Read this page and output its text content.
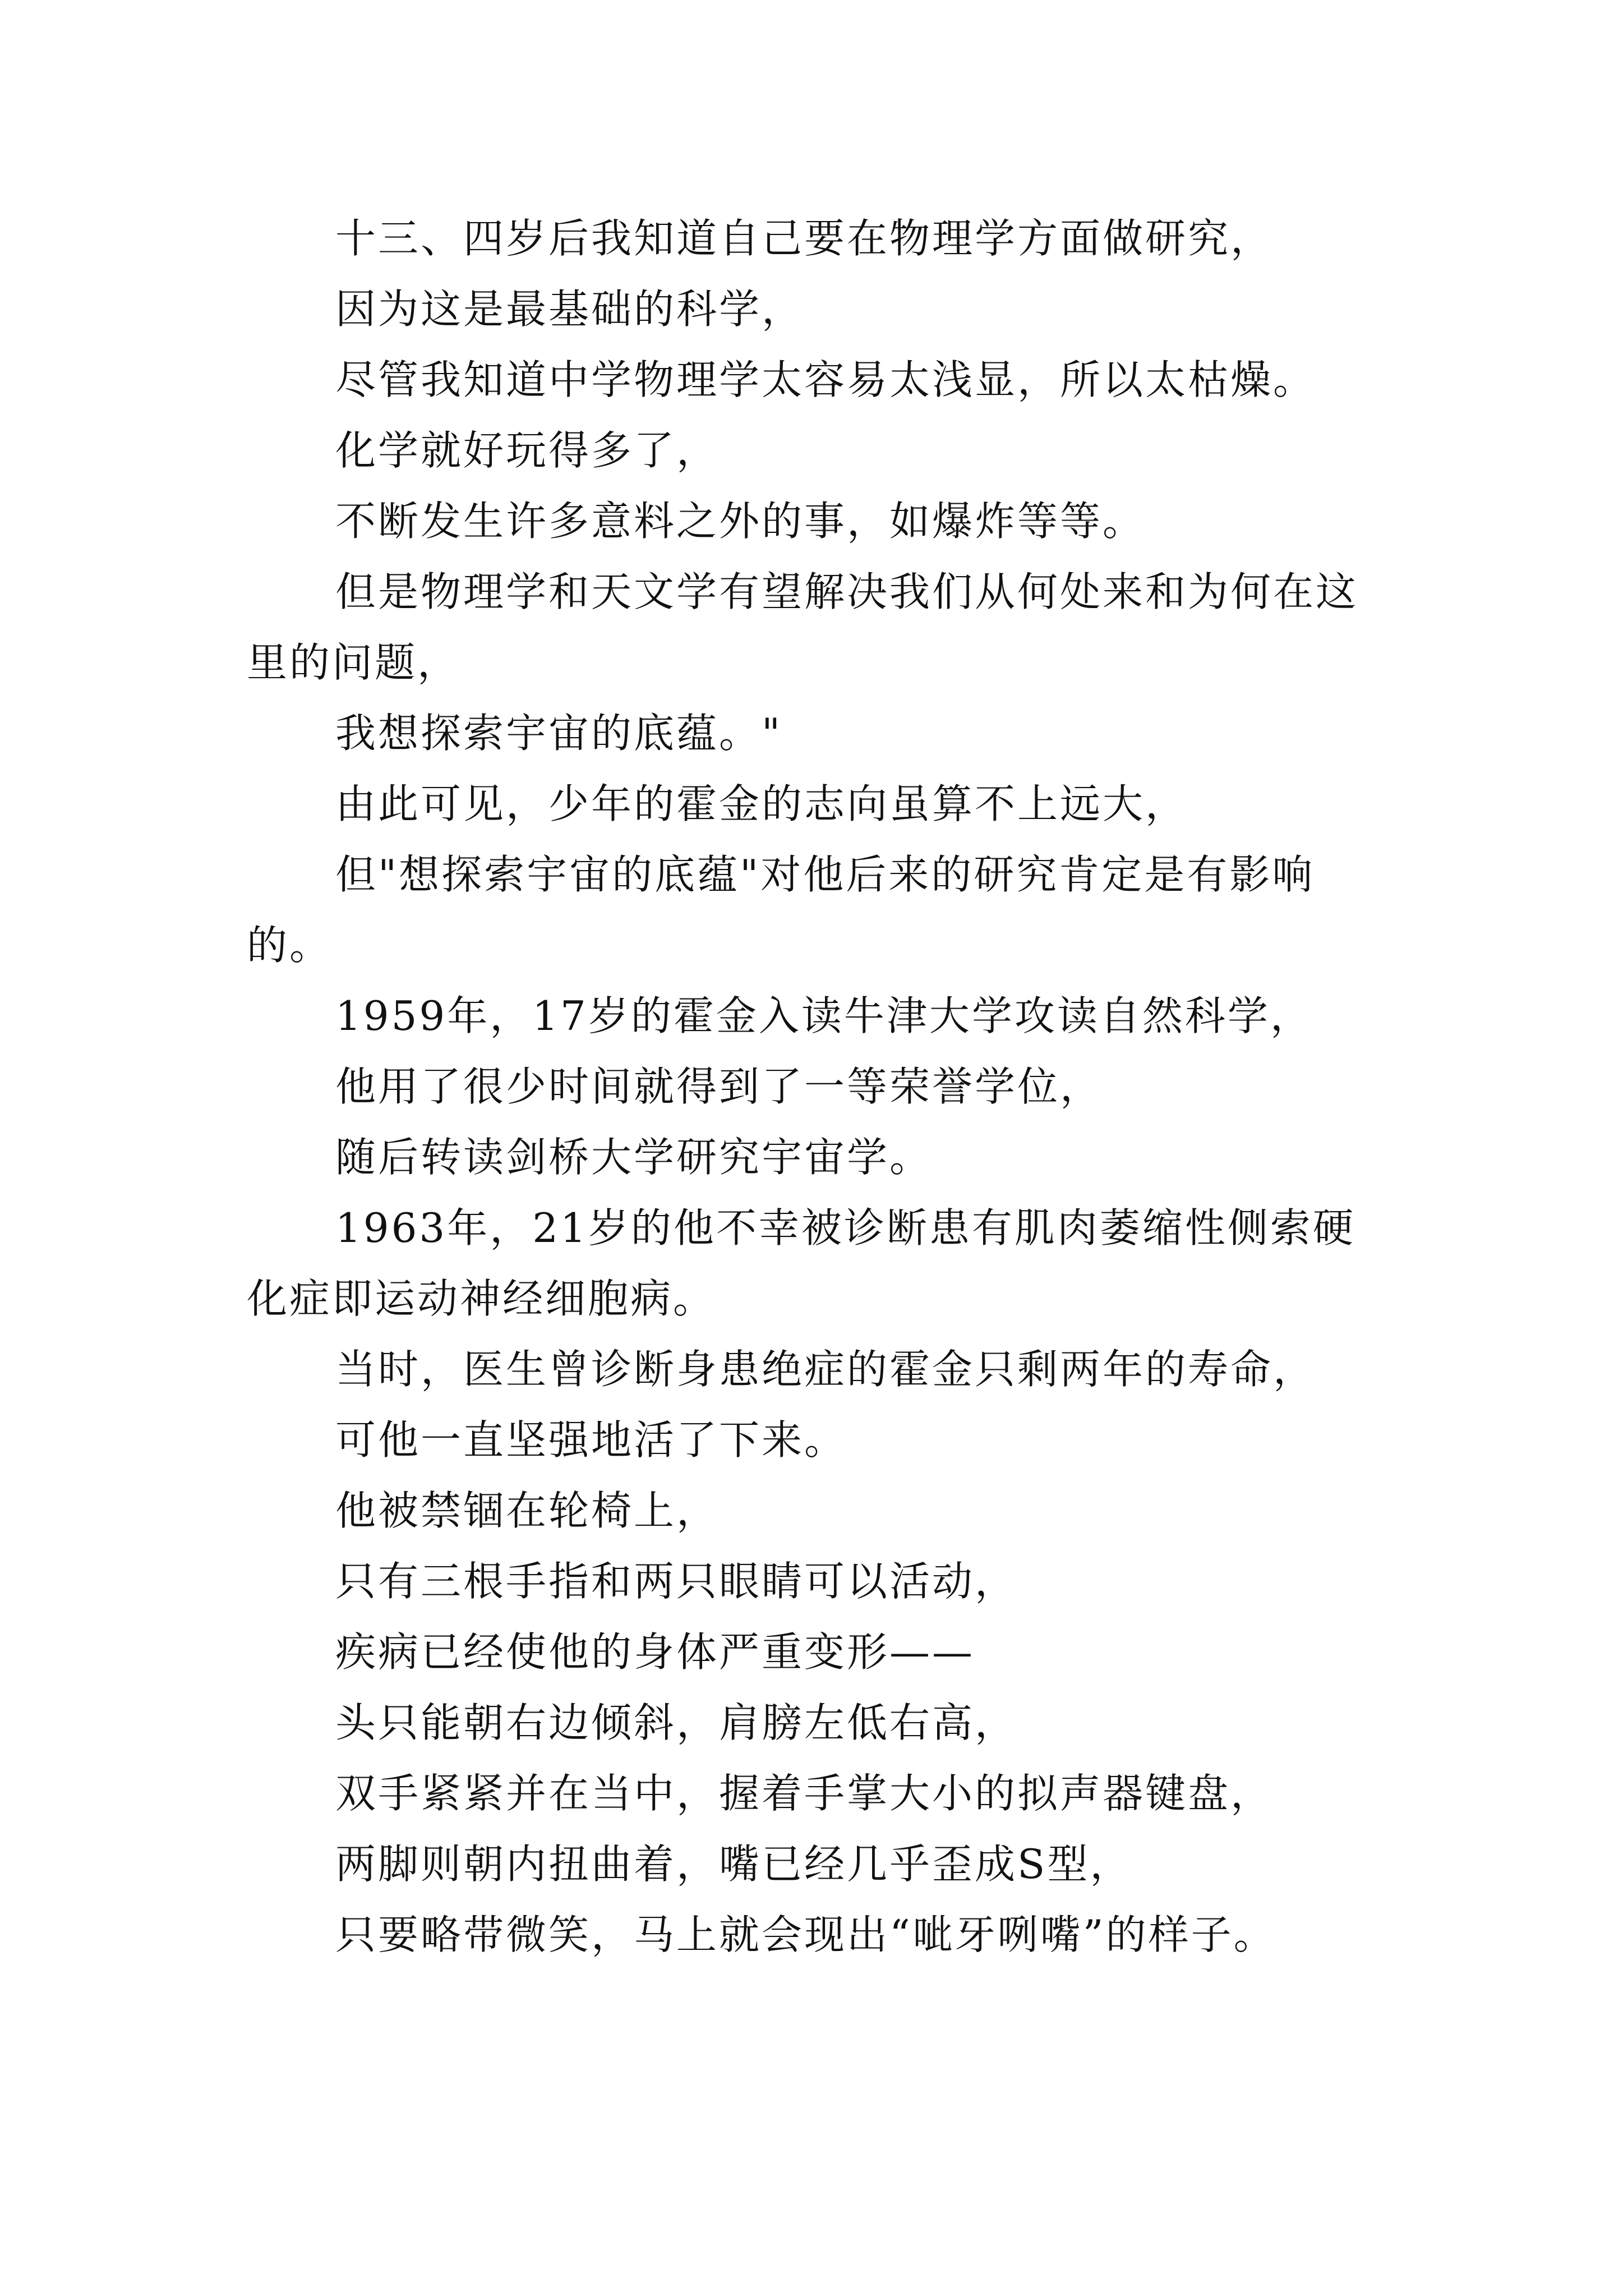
十三、四岁后我知道自己要在物理学方面做研究，

因为这是最基础的科学，

尽管我知道中学物理学太容易太浅显，所以太枯燥。

化学就好玩得多了，

不断发生许多意料之外的事，如爆炸等等。

但是物理学和天文学有望解决我们从何处来和为何在这里的问题，

我想探索宇宙的底蕴。"

由此可见，少年的霍金的志向虽算不上远大，

但"想探索宇宙的底蕴"对他后来的研究肯定是有影响的。

1959年，17岁的霍金入读牛津大学攻读自然科学，

他用了很少时间就得到了一等荣誉学位，

随后转读剑桥大学研究宇宙学。

1963年，21岁的他不幸被诊断患有肌肉萎缩性侧索硬化症即运动神经细胞病。

当时，医生曾诊断身患绝症的霍金只剩两年的寿命，

可他一直坚强地活了下来。

他被禁锢在轮椅上，

只有三根手指和两只眼睛可以活动，

疾病已经使他的身体严重变形——

头只能朝右边倾斜，肩膀左低右高，

双手紧紧并在当中，握着手掌大小的拟声器键盘，

两脚则朝内扭曲着，嘴已经几乎歪成S型，

只要略带微笑，马上就会现出“呲牙咧嘴”的样子。
